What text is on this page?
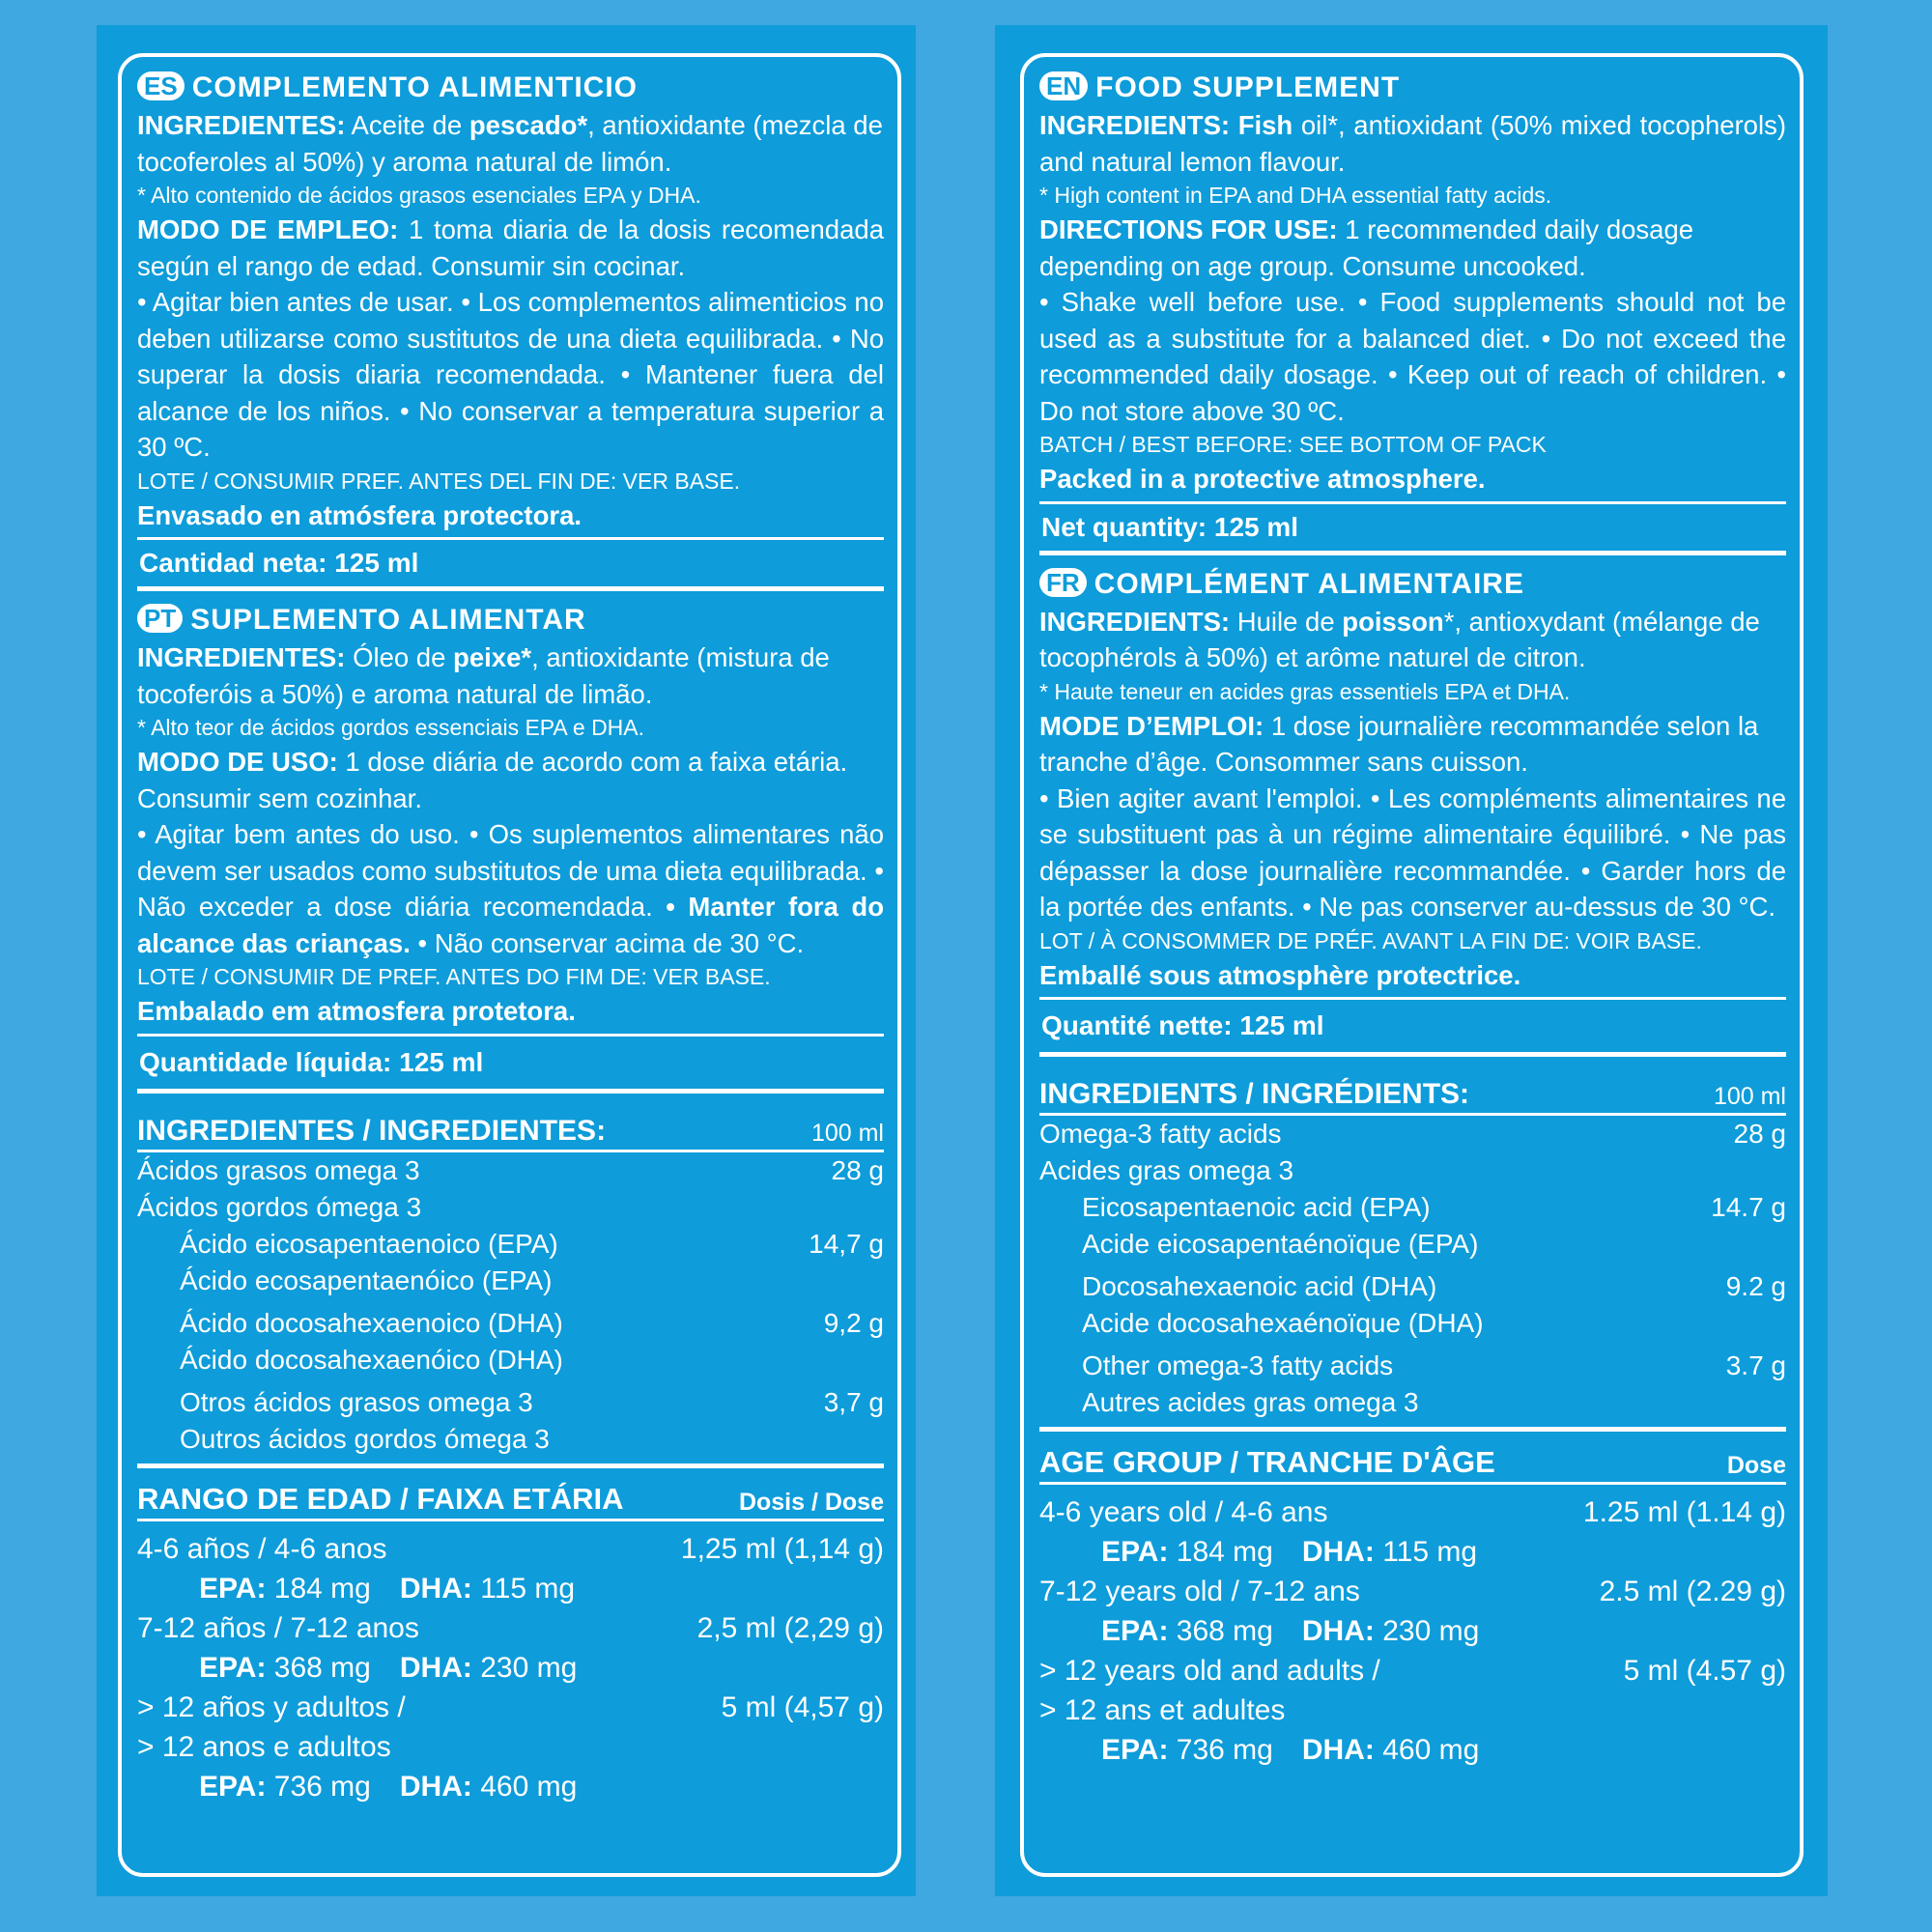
ES COMPLEMENTO ALIMENTICIO

INGREDIENTES: Aceite de pescado*, antioxidante (mezcla de tocoferoles al 50%) y aroma natural de limón.

* Alto contenido de ácidos grasos esenciales EPA y DHA.

MODO DE EMPLEO: 1 toma diaria de la dosis recomendada según el rango de edad. Consumir sin cocinar.

• Agitar bien antes de usar. • Los complementos alimenticios no deben utilizarse como sustitutos de una dieta equilibrada. • No superar la dosis diaria recomendada. • Mantener fuera del alcance de los niños. • No conservar a temperatura superior a 30 ºC.

LOTE / CONSUMIR PREF. ANTES DEL FIN DE: VER BASE.

Envasado en atmósfera protectora.

Cantidad neta: 125 ml
PT SUPLEMENTO ALIMENTAR

INGREDIENTES: Óleo de peixe*, antioxidante (mistura de tocoferóis a 50%) e aroma natural de limão.

* Alto teor de ácidos gordos essenciais EPA e DHA.

MODO DE USO: 1 dose diária de acordo com a faixa etária. Consumir sem cozinhar.

• Agitar bem antes do uso. • Os suplementos alimentares não devem ser usados como substitutos de uma dieta equilibrada. • Não exceder a dose diária recomendada. • Manter fora do alcance das crianças. • Não conservar acima de 30 °C.

LOTE / CONSUMIR DE PREF. ANTES DO FIM DE: VER BASE.

Embalado em atmosfera protetora.

Quantidade líquida: 125 ml
INGREDIENTES / INGREDIENTES:	100 ml
Ácidos grasos omega 3	28 g
Ácidos gordos ómega 3
Ácido eicosapentaenoico (EPA)	14,7 g
Ácido ecosapentaenóico (EPA)
Ácido docosahexaenoico (DHA)	9,2 g
Ácido docosahexaenóico (DHA)
Otros ácidos grasos omega 3	3,7 g
Outros ácidos gordos ómega 3
RANGO DE EDAD / FAIXA ETÁRIA	Dosis / Dose
4-6 años / 4-6 anos	1,25 ml (1,14 g)
EPA: 184 mg DHA: 115 mg
7-12 años / 7-12 anos	2,5 ml (2,29 g)
EPA: 368 mg DHA: 230 mg
> 12 años y adultos /	5 ml (4,57 g)
> 12 anos e adultos
EPA: 736 mg DHA: 460 mg
EN FOOD SUPPLEMENT

INGREDIENTS: Fish oil*, antioxidant (50% mixed tocopherols) and natural lemon flavour.

* High content in EPA and DHA essential fatty acids.

DIRECTIONS FOR USE: 1 recommended daily dosage depending on age group. Consume uncooked.

• Shake well before use. • Food supplements should not be used as a substitute for a balanced diet. • Do not exceed the recommended daily dosage. • Keep out of reach of children. • Do not store above 30 ºC.

BATCH / BEST BEFORE: SEE BOTTOM OF PACK

Packed in a protective atmosphere.

Net quantity: 125 ml
FR COMPLÉMENT ALIMENTAIRE

INGREDIENTS: Huile de poisson*, antioxydant (mélange de tocophérols à 50%) et arôme naturel de citron.

* Haute teneur en acides gras essentiels EPA et DHA.

MODE D’EMPLOI: 1 dose journalière recommandée selon la tranche d’âge. Consommer sans cuisson.

• Bien agiter avant l'emploi. • Les compléments alimentaires ne se substituent pas à un régime alimentaire équilibré. • Ne pas dépasser la dose journalière recommandée. • Garder hors de la portée des enfants. • Ne pas conserver au-dessus de 30 °C.

LOT / À CONSOMMER DE PRÉF. AVANT LA FIN DE: VOIR BASE.

Emballé sous atmosphère protectrice.

Quantité nette: 125 ml
INGREDIENTS / INGRÉDIENTS:	100 ml
Omega-3 fatty acids	28 g
Acides gras omega 3
Eicosapentaenoic acid (EPA)	14.7 g
Acide eicosapentaénoïque (EPA)
Docosahexaenoic acid (DHA)	9.2 g
Acide docosahexaénoïque (DHA)
Other omega-3 fatty acids	3.7 g
Autres acides gras omega 3
AGE GROUP / TRANCHE D'ÂGE	Dose
4-6 years old / 4-6 ans	1.25 ml (1.14 g)
EPA: 184 mg DHA: 115 mg
7-12 years old / 7-12 ans	2.5 ml (2.29 g)
EPA: 368 mg DHA: 230 mg
> 12 years old and adults /	5 ml (4.57 g)
> 12 ans et adultes
EPA: 736 mg DHA: 460 mg
